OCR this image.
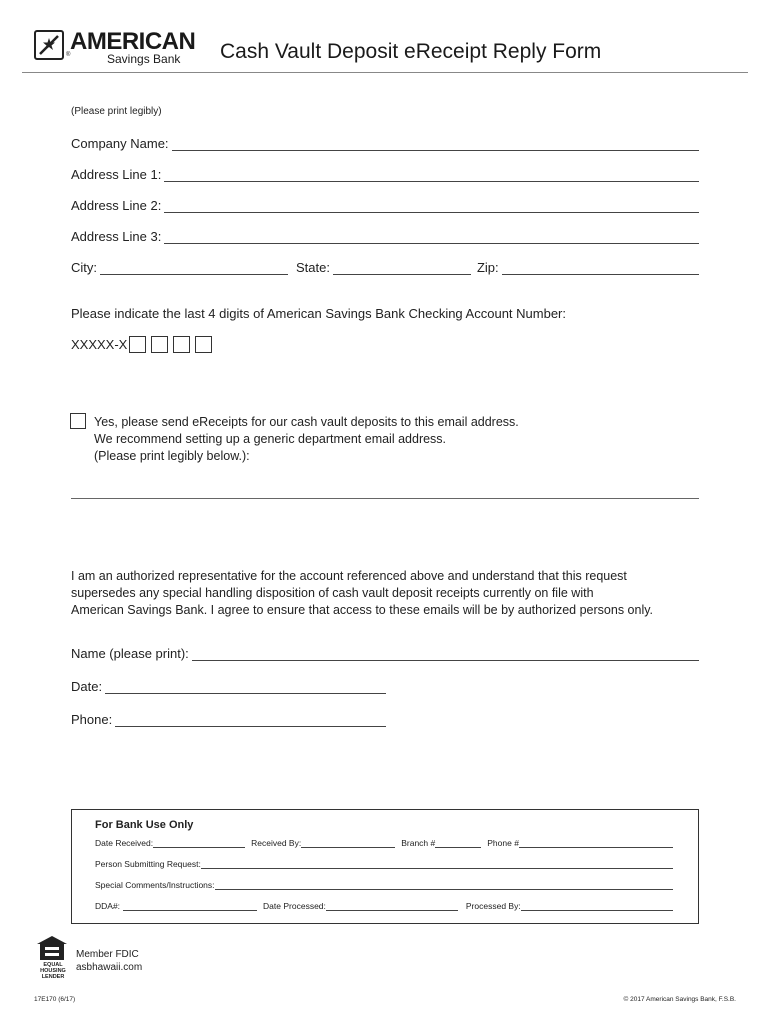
® AMERICAN
Savings Bank Cash Vault Deposit eReceipt Reply Form
(Please print legibly)
Company Name:
Address Line 1:
Address Line 2:
Address Line 3:
City:	State:	Zip:
Please indicate the last 4 digits of American Savings Bank Checking Account Number:
XXXXX-X
Yes, please send eReceipts for our cash vault deposits to this email address.
We recommend setting up a generic department email address.
(Please print legibly below.):
I am an authorized representative for the account referenced above and understand that this request
supersedes any special handling disposition of cash vault deposit receipts currently on file with
American Savings Bank. I agree to ensure that access to these emails will be by authorized persons only.
Name (please print):
Date:
Phone:
For Bank Use Only
Date Received:	Received By:	Branch #	Phone #
Person Submitting Request:
Special Comments/Instructions:
DDA#:	Date Processed:	Processed By:
EQUAL HOUSING LENDER
Member FDIC
asbhawaii.com
17E170 (6/17)	© 2017 American Savings Bank, F.S.B.
